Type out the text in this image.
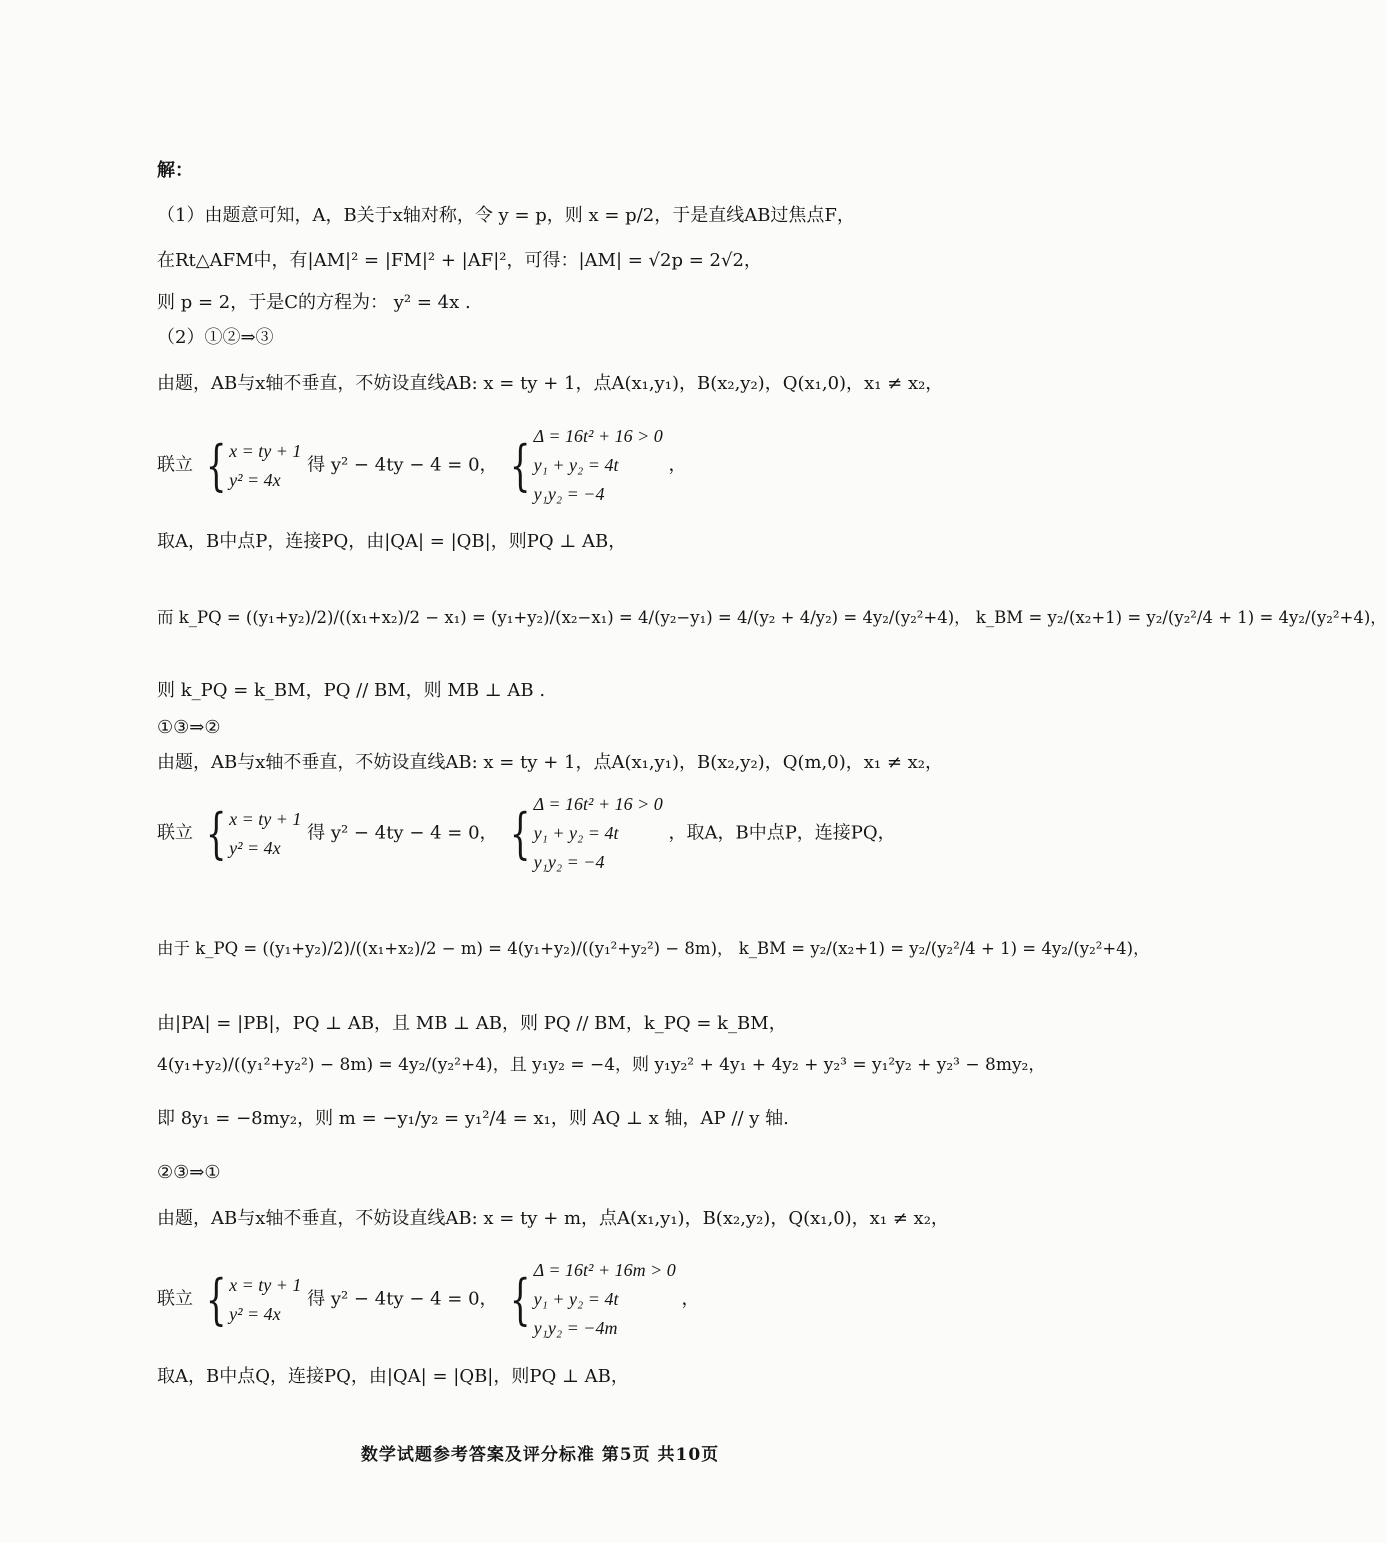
解：
（1）由题意可知，A，B关于x轴对称，令 y = p，则 x = p/2，于是直线AB过焦点F，
在Rt△AFM中，有|AM|² = |FM|² + |AF|²，可得：|AM| = √2p = 2√2，
则 p = 2，于是C的方程为： y² = 4x .
（2）①②⇒③
由题，AB与x轴不垂直，不妨设直线AB: x = ty + 1，点A(x₁,y₁)，B(x₂,y₂)，Q(x₁,0)，x₁ ≠ x₂，
联立 { x = ty + 1
y² = 4x
得 y² − 4ty − 4 = 0， { Δ = 16t² + 16 > 0
y₁ + y₂ = 4t
y₁y₂ = −4
，
取A，B中点P，连接PQ，由|QA| = |QB|，则PQ ⊥ AB，
而 k_PQ = ((y₁+y₂)/2)/((x₁+x₂)/2 − x₁) = (y₁+y₂)/(x₂−x₁) = 4/(y₂−y₁) = 4/(y₂ + 4/y₂) = 4y₂/(y₂²+4)， k_BM = y₂/(x₂+1) = y₂/(y₂²/4 + 1) = 4y₂/(y₂²+4)，
则 k_PQ = k_BM，PQ // BM，则 MB ⊥ AB .
①③⇒②
由题，AB与x轴不垂直，不妨设直线AB: x = ty + 1，点A(x₁,y₁)，B(x₂,y₂)，Q(m,0)，x₁ ≠ x₂，
联立 { x = ty + 1
y² = 4x
得 y² − 4ty − 4 = 0， { Δ = 16t² + 16 > 0
y₁ + y₂ = 4t
y₁y₂ = −4
，取A，B中点P，连接PQ，
由于 k_PQ = ((y₁+y₂)/2)/((x₁+x₂)/2 − m) = 4(y₁+y₂)/((y₁²+y₂²) − 8m)， k_BM = y₂/(x₂+1) = y₂/(y₂²/4 + 1) = 4y₂/(y₂²+4)，
由|PA| = |PB|，PQ ⊥ AB，且 MB ⊥ AB，则 PQ // BM，k_PQ = k_BM，
4(y₁+y₂)/((y₁²+y₂²) − 8m) = 4y₂/(y₂²+4)，且 y₁y₂ = −4，则 y₁y₂² + 4y₁ + 4y₂ + y₂³ = y₁²y₂ + y₂³ − 8my₂，
即 8y₁ = −8my₂，则 m = −y₁/y₂ = y₁²/4 = x₁，则 AQ ⊥ x 轴，AP // y 轴.
②③⇒①
由题，AB与x轴不垂直，不妨设直线AB: x = ty + m，点A(x₁,y₁)，B(x₂,y₂)，Q(x₁,0)，x₁ ≠ x₂，
联立 { x = ty + 1
y² = 4x
得 y² − 4ty − 4 = 0， { Δ = 16t² + 16m > 0
y₁ + y₂ = 4t
y₁y₂ = −4m
，
取A，B中点Q，连接PQ，由|QA| = |QB|，则PQ ⊥ AB，
数学试题参考答案及评分标准 第5页 共10页
